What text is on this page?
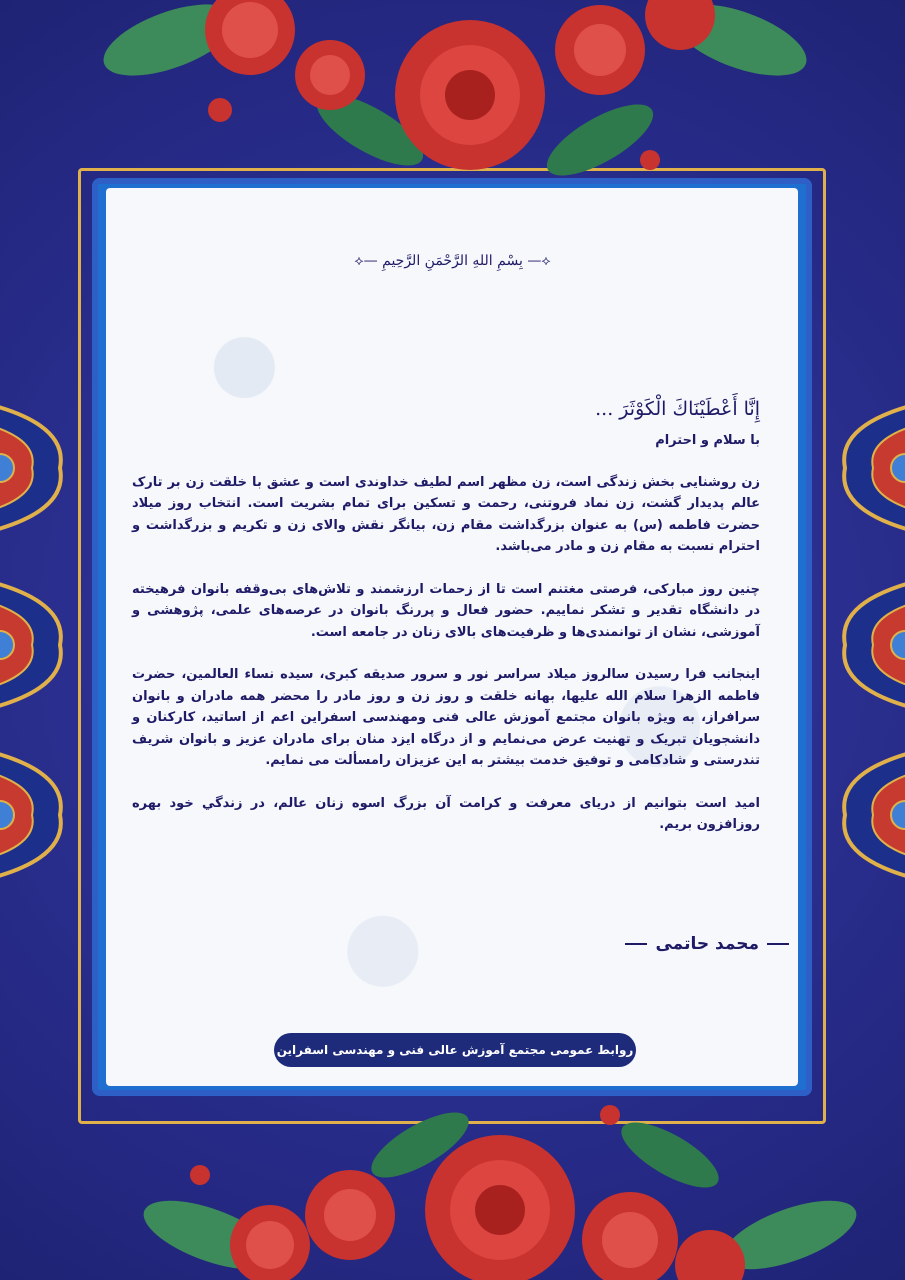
⟡— بِسْمِ اللهِ الرَّحْمَنِ الرَّحِيمِ —⟡
إِنَّا أَعْطَيْنَاكَ الْكَوْثَرَ ...
با سلام و احترام

زن روشنایی بخش زندگی است، زن مظهر اسم لطیف خداوندی است و عشق با خلقت زن بر تارک عالم پدیدار گشت، زن نماد فروتنی، رحمت و تسکین برای تمام بشریت است. انتخاب روز میلاد حضرت فاطمه (س) به عنوان بزرگداشت مقام زن، بیانگر نقش والای زن و تکریم و بزرگداشت و احترام نسبت به مقام زن و مادر می‌باشد.

چنین روز مبارکی، فرصتی مغتنم است تا از زحمات ارزشمند و تلاش‌های بی‌وقفه بانوان فرهیخته در دانشگاه تقدیر و تشکر نماییم. حضور فعال و پررنگ بانوان در عرصه‌های علمی، پژوهشی و آموزشی، نشان از توانمندی‌ها و ظرفیت‌های بالای زنان در جامعه است.

اینجانب فرا رسیدن سالروز میلاد سراسر نور و سرور صدیقه کبری، سیده نساء العالمین، حضرت فاطمه الزهرا سلام الله علیها، بهانه خلقت و روز زن و روز مادر را محضر همه مادران و بانوان سرافراز، به ویژه بانوان مجتمع آموزش عالی فنی ومهندسی اسفراین اعم از اساتید، کارکنان و دانشجویان تبریک و تهنیت عرض می‌نمایم و از درگاه ایزد منان برای مادران عزیز و بانوان شریف تندرستی و شادکامی و توفیق خدمت بیشتر به این عزیزان رامسألت می نمایم.

امید است بتوانیم از دریای معرفت و کرامت آن بزرگ اسوه زنان عالم، در زندگي خود بهره روزافزون بریم.

محمد حاتمی
روابط عمومی مجتمع آموزش عالی فنی و مهندسی اسفراین
